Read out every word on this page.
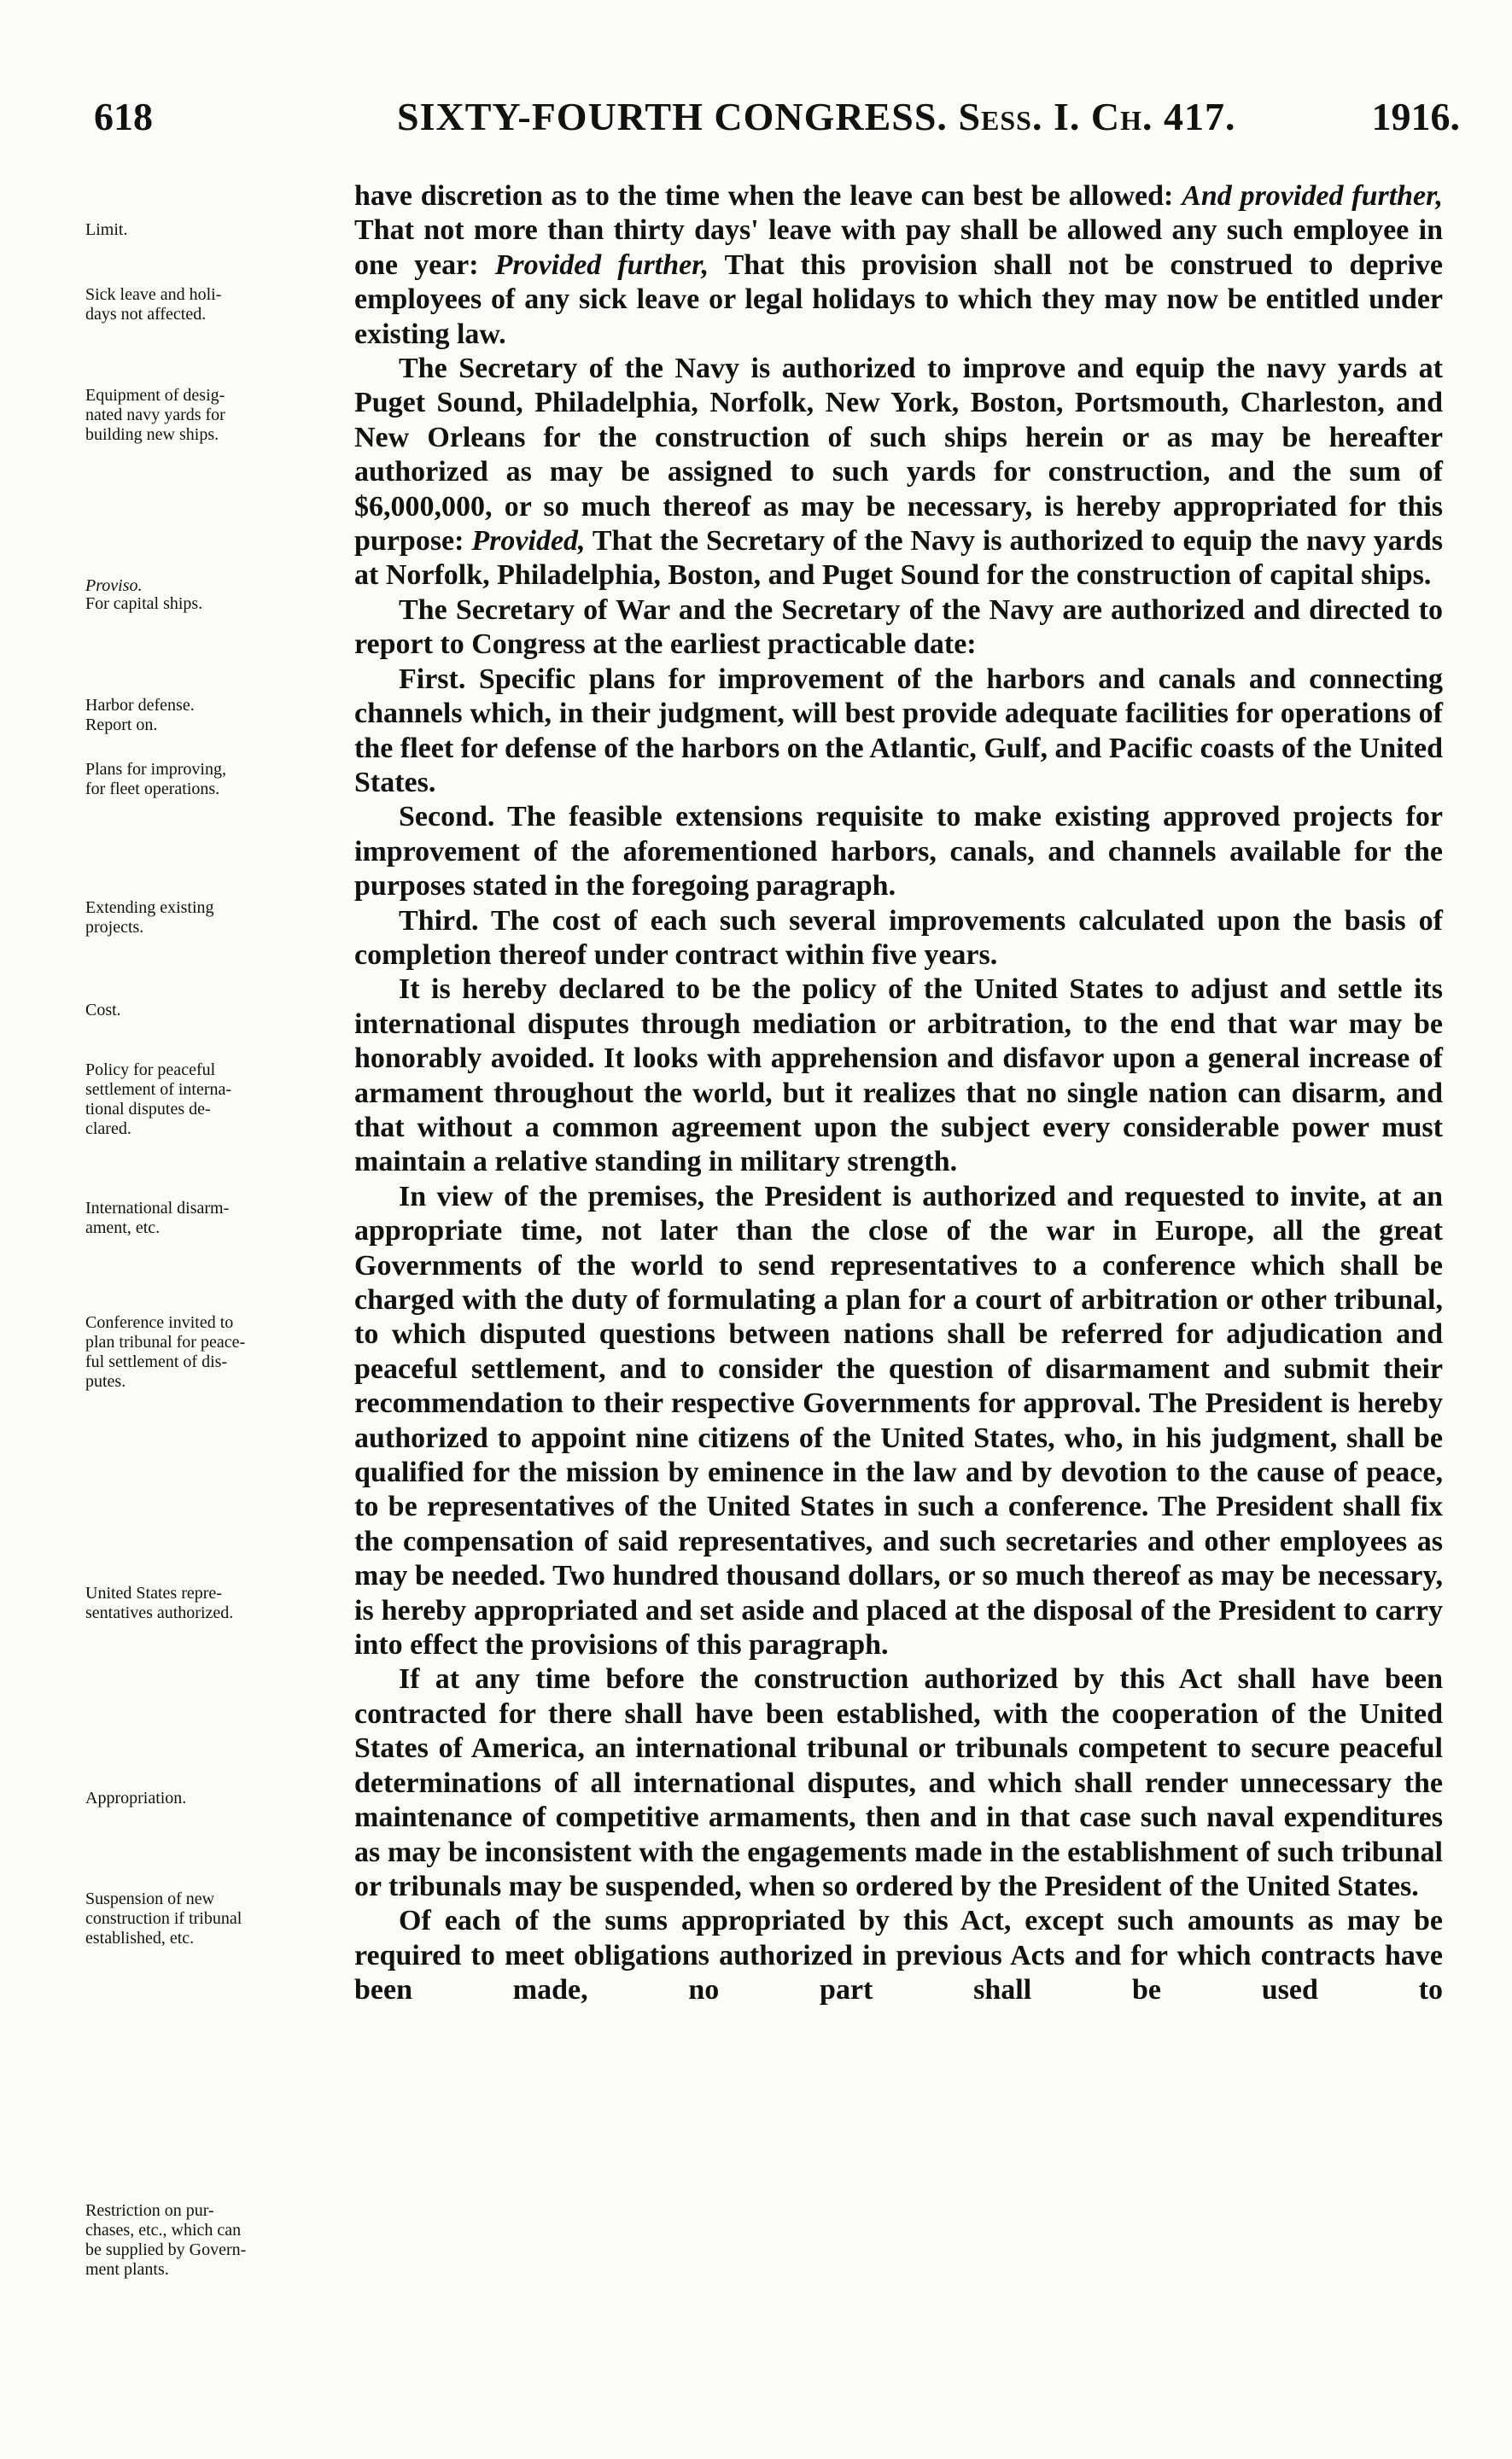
618	SIXTY-FOURTH CONGRESS. Sess. I. Ch. 417.	1916.
Limit.
Sick leave and holi-
days not affected.
Equipment of desig-
nated navy yards for
building new ships.
Proviso.
For capital ships.
Harbor defense.
Report on.
Plans for improving,
for fleet operations.
Extending existing
projects.
Cost.
Policy for peaceful
settlement of interna-
tional disputes de-
clared.
International disarm-
ament, etc.
Conference invited to
plan tribunal for peace-
ful settlement of dis-
putes.
United States repre-
sentatives authorized.
Appropriation.
Suspension of new
construction if tribunal
established, etc.
Restriction on pur-
chases, etc., which can
be supplied by Govern-
ment plants.
have discretion as to the time when the leave can best be allowed: And provided further, That not more than thirty days' leave with pay shall be allowed any such employee in one year: Provided further, That this provision shall not be construed to deprive employees of any sick leave or legal holidays to which they may now be entitled under existing law.
The Secretary of the Navy is authorized to improve and equip the navy yards at Puget Sound, Philadelphia, Norfolk, New York, Boston, Portsmouth, Charleston, and New Orleans for the construction of such ships herein or as may be hereafter authorized as may be assigned to such yards for construction, and the sum of $6,000,000, or so much thereof as may be necessary, is hereby appropriated for this purpose: Provided, That the Secretary of the Navy is authorized to equip the navy yards at Norfolk, Philadelphia, Boston, and Puget Sound for the construction of capital ships.
The Secretary of War and the Secretary of the Navy are authorized and directed to report to Congress at the earliest practicable date:
First. Specific plans for improvement of the harbors and canals and connecting channels which, in their judgment, will best provide adequate facilities for operations of the fleet for defense of the harbors on the Atlantic, Gulf, and Pacific coasts of the United States.
Second. The feasible extensions requisite to make existing approved projects for improvement of the aforementioned harbors, canals, and channels available for the purposes stated in the foregoing paragraph.
Third. The cost of each such several improvements calculated upon the basis of completion thereof under contract within five years.
It is hereby declared to be the policy of the United States to adjust and settle its international disputes through mediation or arbitration, to the end that war may be honorably avoided. It looks with apprehension and disfavor upon a general increase of armament throughout the world, but it realizes that no single nation can disarm, and that without a common agreement upon the subject every considerable power must maintain a relative standing in military strength.
In view of the premises, the President is authorized and requested to invite, at an appropriate time, not later than the close of the war in Europe, all the great Governments of the world to send representatives to a conference which shall be charged with the duty of formulating a plan for a court of arbitration or other tribunal, to which disputed questions between nations shall be referred for adjudication and peaceful settlement, and to consider the question of disarmament and submit their recommendation to their respective Governments for approval. The President is hereby authorized to appoint nine citizens of the United States, who, in his judgment, shall be qualified for the mission by eminence in the law and by devotion to the cause of peace, to be representatives of the United States in such a conference. The President shall fix the compensation of said representatives, and such secretaries and other employees as may be needed. Two hundred thousand dollars, or so much thereof as may be necessary, is hereby appropriated and set aside and placed at the disposal of the President to carry into effect the provisions of this paragraph.
If at any time before the construction authorized by this Act shall have been contracted for there shall have been established, with the cooperation of the United States of America, an international tribunal or tribunals competent to secure peaceful determinations of all international disputes, and which shall render unnecessary the maintenance of competitive armaments, then and in that case such naval expenditures as may be inconsistent with the engagements made in the establishment of such tribunal or tribunals may be suspended, when so ordered by the President of the United States.
Of each of the sums appropriated by this Act, except such amounts as may be required to meet obligations authorized in previous Acts and for which contracts have been made, no part shall be used to
